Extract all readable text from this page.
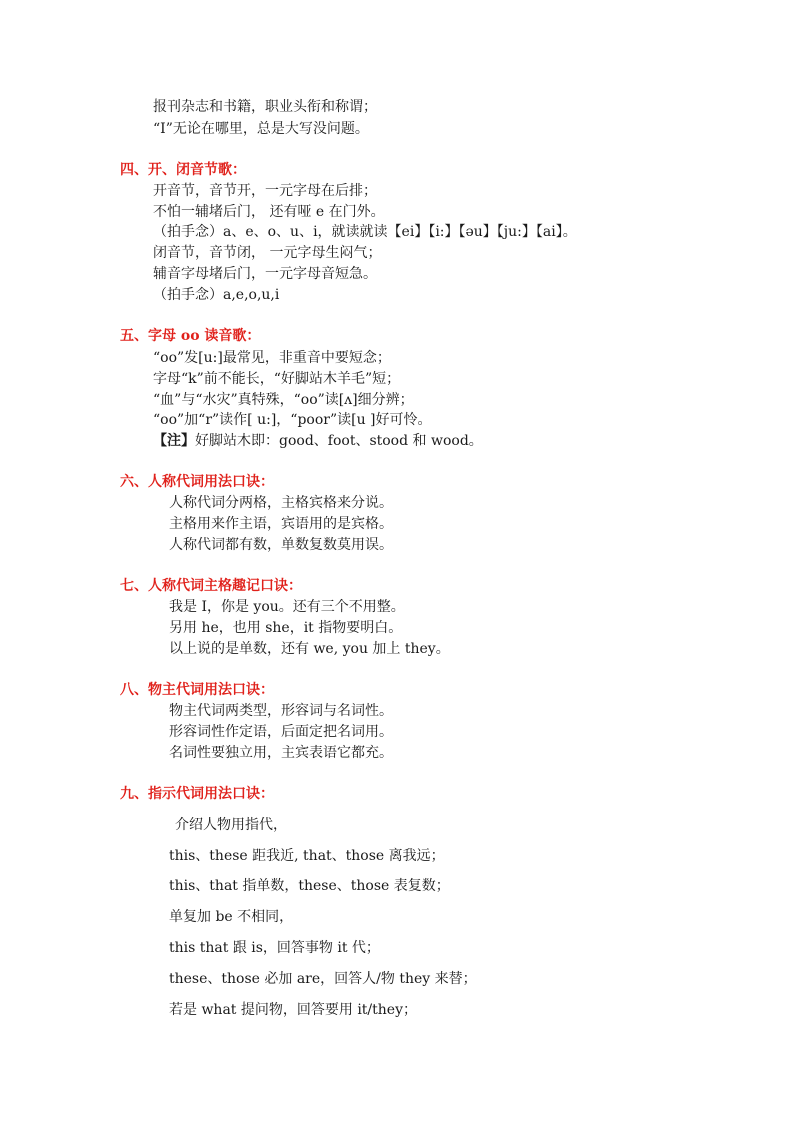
报刊杂志和书籍，职业头衔和称谓；
“I”无论在哪里，总是大写没问题。
四、开、闭音节歌：
开音节，音节开，一元字母在后排；
不怕一辅堵后门， 还有哑 e 在门外。
（拍手念）a、e、o、u、i，就读就读【ei】【i:】【əu】【ju:】【ai】。
闭音节，音节闭， 一元字母生闷气；
辅音字母堵后门，一元字母音短急。
（拍手念）a,e,o,u,i
五、字母 oo 读音歌：
“oo”发[u:]最常见，非重音中要短念；
字母“k”前不能长，“好脚站木羊毛”短；
“血”与“水灾”真特殊，“oo”读[ʌ]细分辨；
“oo”加“r”读作[ u:]，“poor”读[u ]好可怜。
【注】好脚站木即：good、foot、stood 和 wood。
六、人称代词用法口诀：
人称代词分两格，主格宾格来分说。
主格用来作主语，宾语用的是宾格。
人称代词都有数，单数复数莫用误。
七、人称代词主格趣记口诀：
我是 I，你是 you。还有三个不用整。
另用 he，也用 she，it 指物要明白。
以上说的是单数，还有 we, you 加上 they。
八、物主代词用法口诀：
物主代词两类型，形容词与名词性。
形容词性作定语，后面定把名词用。
名词性要独立用，主宾表语它都充。
九、指示代词用法口诀：
介绍人物用指代，
this、these 距我近, that、those 离我远；
this、that 指单数，these、those 表复数；
单复加 be 不相同，
this that 跟 is，回答事物 it 代；
these、those 必加 are，回答人/物 they 来替；
若是 what 提问物，回答要用 it/they；
